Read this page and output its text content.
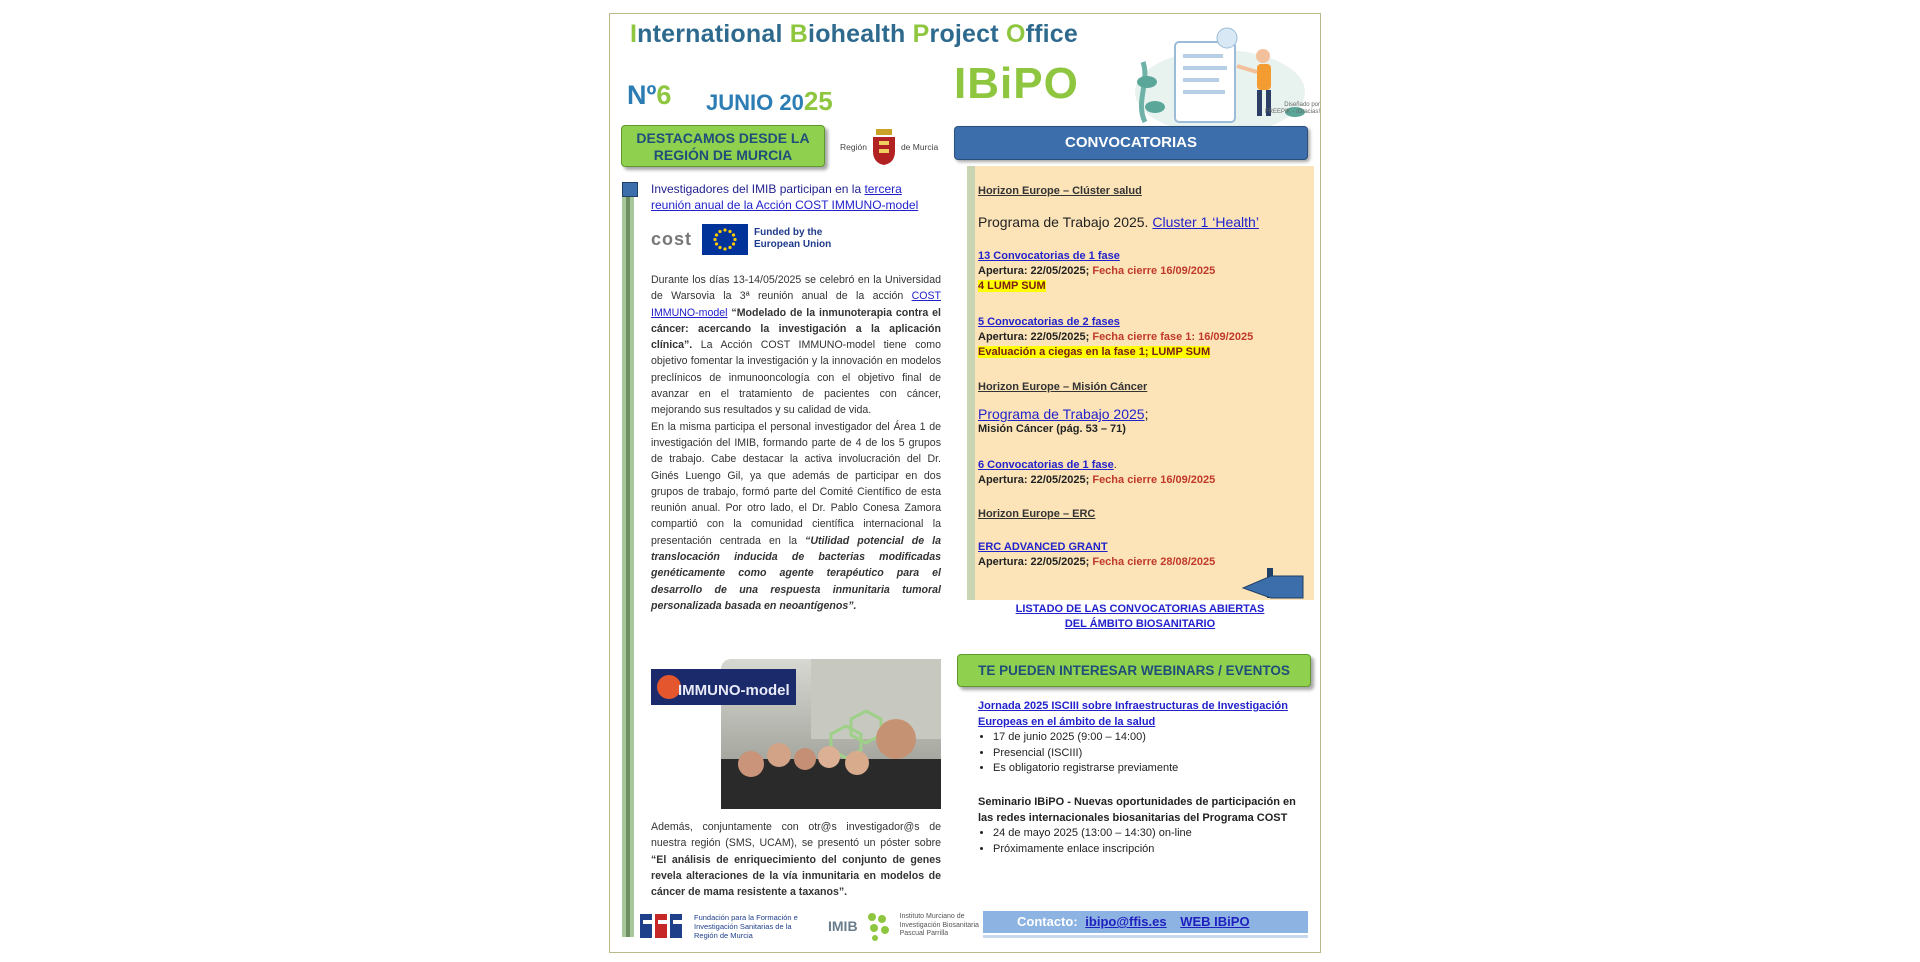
International Biohealth Project Office
Nº6 JUNIO 2025	IBiPO	Diseñado por FREEPIK - /Gracias!
DESTACAMOS DESDE LA REGIÓN DE MURCIA	Región	de Murcia	CONVOCATORIAS
Investigadores del IMIB participan en la tercera reunión anual de la Acción COST IMMUNO-model
cost	Funded by the European Union
Durante los días 13-14/05/2025 se celebró en la Universidad de Warsovia la 3ª reunión anual de la acción COST IMMUNO-model “Modelado de la inmunoterapia contra el cáncer: acercando la investigación a la aplicación clínica”. La Acción COST IMMUNO-model tiene como objetivo fomentar la investigación y la innovación en modelos preclínicos de inmunooncología con el objetivo final de avanzar en el tratamiento de pacientes con cáncer, mejorando sus resultados y su calidad de vida.
En la misma participa el personal investigador del Área 1 de investigación del IMIB, formando parte de 4 de los 5 grupos de trabajo. Cabe destacar la activa involucración del Dr. Ginés Luengo Gil, ya que además de participar en dos grupos de trabajo, formó parte del Comité Científico de esta reunión anual. Por otro lado, el Dr. Pablo Conesa Zamora compartió con la comunidad científica internacional la presentación centrada en la “Utilidad potencial de la translocación inducida de bacterias modificadas genéticamente como agente terapéutico para el desarrollo de una respuesta inmunitaria tumoral personalizada basada en neoantígenos”.
IMMUNO-model
Además, conjuntamente con otr@s investigador@s de nuestra región (SMS, UCAM), se presentó un póster sobre “El análisis de enriquecimiento del conjunto de genes revela alteraciones de la vía inmunitaria en modelos de cáncer de mama resistente a taxanos”.
Fundación para la Formación e Investigación Sanitarias de la Región de Murcia
IMIB
Instituto Murciano de Investigación Biosanitaria Pascual Parrilla
Horizon Europe – Clúster salud
Programa de Trabajo 2025. Cluster 1 ‘Health’
13 Convocatorias de 1 fase
Apertura: 22/05/2025; Fecha cierre 16/09/2025
4 LUMP SUM
5 Convocatorias de 2 fases
Apertura: 22/05/2025; Fecha cierre fase 1: 16/09/2025
Evaluación a ciegas en la fase 1; LUMP SUM
Horizon Europe – Misión Cáncer
Programa de Trabajo 2025;
Misión Cáncer (pág. 53 – 71)
6 Convocatorias de 1 fase.
Apertura: 22/05/2025; Fecha cierre 16/09/2025
Horizon Europe – ERC
ERC ADVANCED GRANT
Apertura: 22/05/2025; Fecha cierre 28/08/2025
LISTADO DE LAS CONVOCATORIAS ABIERTAS DEL ÁMBITO BIOSANITARIO
TE PUEDEN INTERESAR WEBINARS / EVENTOS
Jornada 2025 ISCIII sobre Infraestructuras de Investigación Europeas en el ámbito de la salud
• 17 de junio 2025 (9:00 – 14:00)
• Presencial (ISCIII)
• Es obligatorio registrarse previamente
Seminario IBiPO - Nuevas oportunidades de participación en las redes internacionales biosanitarias del Programa COST
• 24 de mayo 2025 (13:00 – 14:30) on-line
• Próximamente enlace inscripción
Contacto: ibipo@ffis.es WEB IBiPO
